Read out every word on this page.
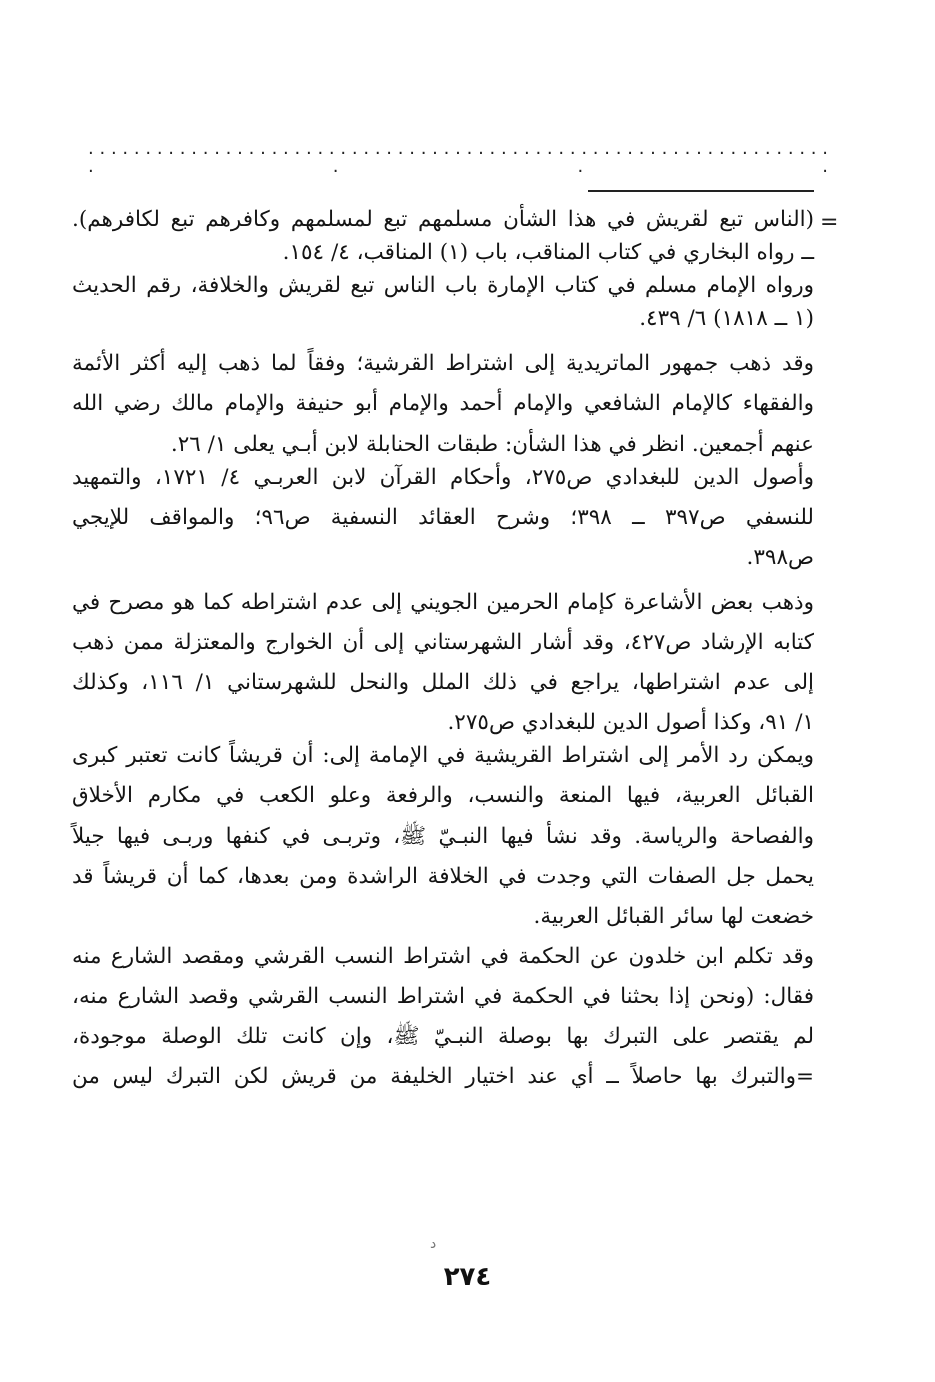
. . . . . . . . . . . . . . . . . . . . . . . . . . . . . . . . . . . . . . . . . . . . . . . . . . . . . . . . . . . . . . . . . . . . .
=
(الناس تبع لقريش في هذا الشأن مسلمهم تبع لمسلمهم وكافرهم تبع لكافرهم).
ــ رواه البخاري في كتاب المناقب، باب (١) المناقب، ٤/ ١٥٤.
ورواه الإمام مسلم في كتاب الإمارة باب الناس تبع لقريش والخلافة، رقم الحديث
(١ ــ ١٨١٨) ٦/ ٤٣٩.
وقد ذهب جمهور الماتريدية إلى اشتراط القرشية؛ وفقاً لما ذهب إليه أكثر الأئمة
والفقهاء كالإمام الشافعي والإمام أحمد والإمام أبو حنيفة والإمام مالك رضي الله
عنهم أجمعين. انظر في هذا الشأن: طبقات الحنابلة لابن أبـي يعلى ١/ ٢٦.
وأصول الدين للبغدادي ص٢٧٥، وأحكام القرآن لابن العربـي ٤/ ١٧٢١، والتمهيد
للنسفي ص٣٩٧ ــ ٣٩٨؛ وشرح العقائد النسفية ص٩٦؛ والمواقف للإيجي
ص٣٩٨.
وذهب بعض الأشاعرة كإمام الحرمين الجويني إلى عدم اشتراطه كما هو مصرح في
كتابه الإرشاد ص٤٢٧، وقد أشار الشهرستاني إلى أن الخوارج والمعتزلة ممن ذهب
إلى عدم اشتراطها، يراجع في ذلك الملل والنحل للشهرستاني ١/ ١١٦، وكذلك
١/ ٩١، وكذا أصول الدين للبغدادي ص٢٧٥.
ويمكن رد الأمر إلى اشتراط القريشية في الإمامة إلى: أن قريشاً كانت تعتبر كبرى
القبائل العربية، فيها المنعة والنسب، والرفعة وعلو الكعب في مكارم الأخلاق
والفصاحة والرياسة. وقد نشأ فيها النبـيّ ﷺ، وتربـى في كنفها وربـى فيها جيلاً
يحمل جل الصفات التي وجدت في الخلافة الراشدة ومن بعدها، كما أن قريشاً قد
خضعت لها سائر القبائل العربية.
وقد تكلم ابن خلدون عن الحكمة في اشتراط النسب القرشي ومقصد الشارع منه
فقال: (ونحن إذا بحثنا في الحكمة في اشتراط النسب القرشي وقصد الشارع منه،
لم يقتصر على التبرك بها بوصلة النبـيّ ﷺ، وإن كانت تلك الوصلة موجودة،
=والتبرك بها حاصلاً ــ أي عند اختيار الخليفة من قريش لكن التبرك ليس من
د
٢٧٤
